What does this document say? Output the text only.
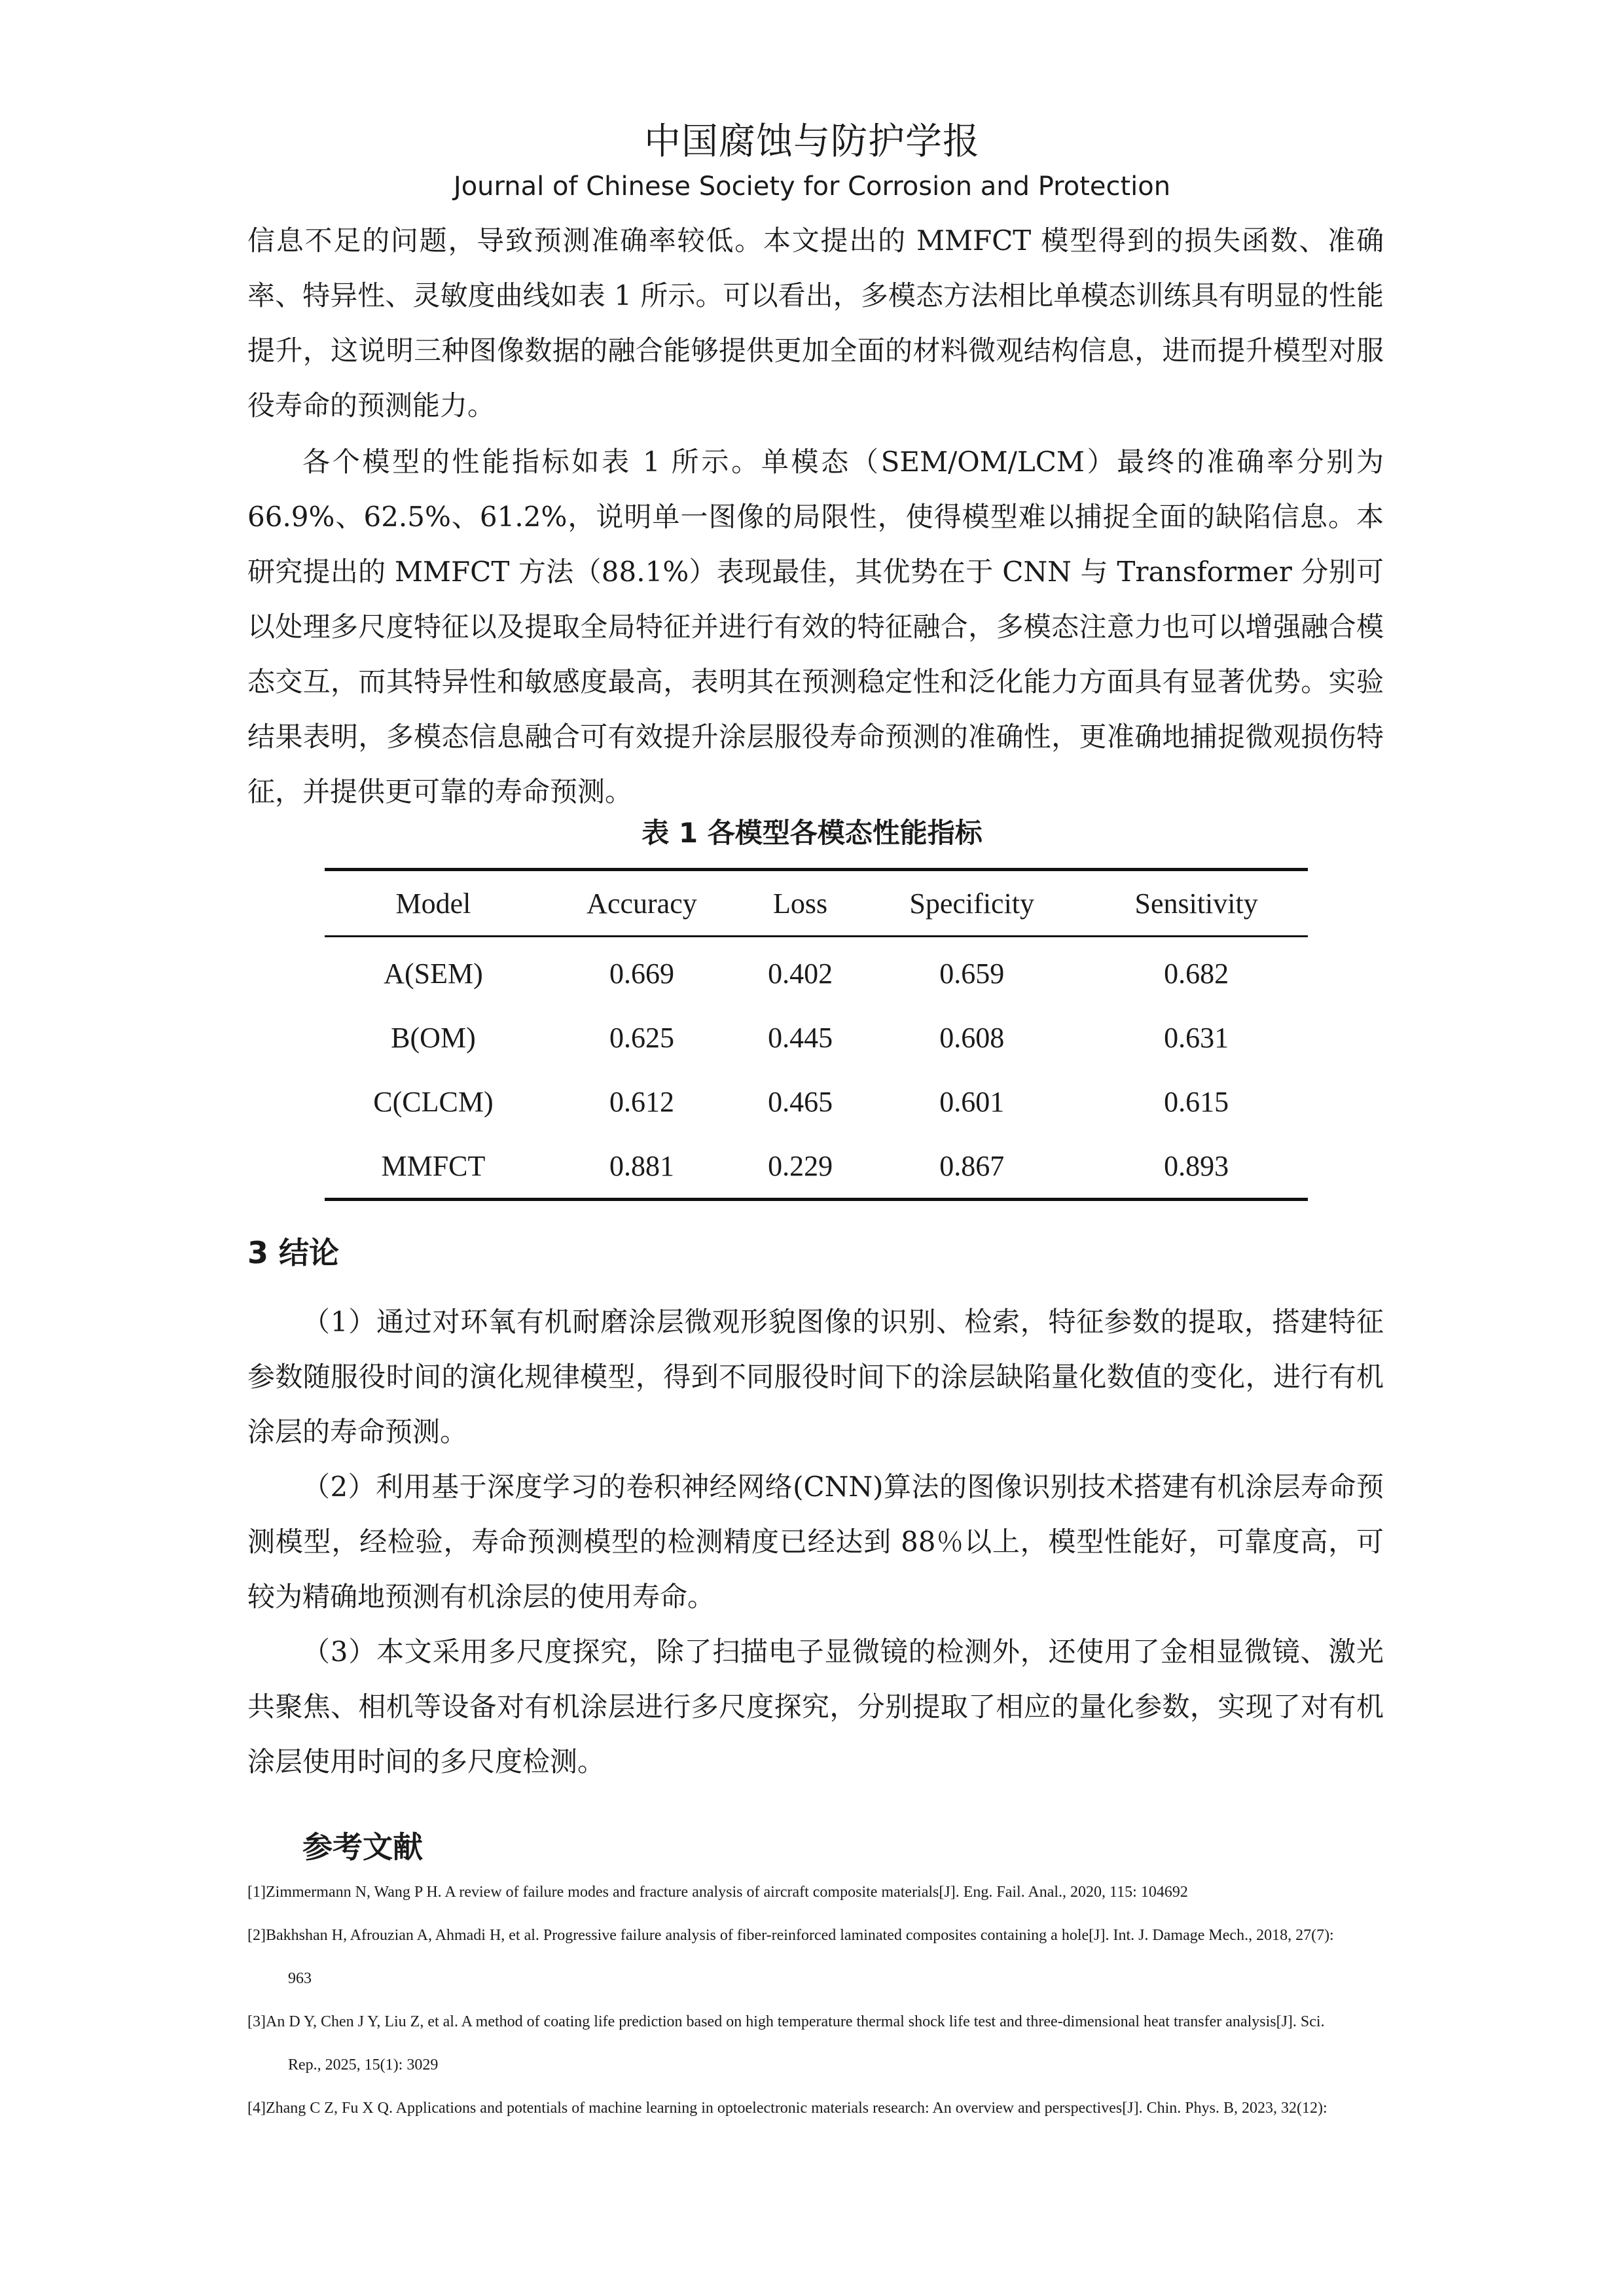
中国腐蚀与防护学报
Journal of Chinese Society for Corrosion and Protection

信息不足的问题，导致预测准确率较低。本文提出的 MMFCT 模型得到的损失函数、准确率、特异性、灵敏度曲线如表 1 所示。可以看出，多模态方法相比单模态训练具有明显的性能提升，这说明三种图像数据的融合能够提供更加全面的材料微观结构信息，进而提升模型对服役寿命的预测能力。

各个模型的性能指标如表 1 所示。单模态（SEM/OM/LCM）最终的准确率分别为 66.9%、62.5%、61.2%，说明单一图像的局限性，使得模型难以捕捉全面的缺陷信息。本研究提出的 MMFCT 方法（88.1%）表现最佳，其优势在于 CNN 与 Transformer 分别可以处理多尺度特征以及提取全局特征并进行有效的特征融合，多模态注意力也可以增强融合模态交互，而其特异性和敏感度最高，表明其在预测稳定性和泛化能力方面具有显著优势。实验结果表明，多模态信息融合可有效提升涂层服役寿命预测的准确性，更准确地捕捉微观损伤特征，并提供更可靠的寿命预测。

表 1 各模型各模态性能指标
Model	Accuracy	Loss	Specificity	Sensitivity
A(SEM)	0.669	0.402	0.659	0.682
B(OM)	0.625	0.445	0.608	0.631
C(CLCM)	0.612	0.465	0.601	0.615
MMFCT	0.881	0.229	0.867	0.893
3 结论

（1）通过对环氧有机耐磨涂层微观形貌图像的识别、检索，特征参数的提取，搭建特征参数随服役时间的演化规律模型，得到不同服役时间下的涂层缺陷量化数值的变化，进行有机涂层的寿命预测。

（2）利用基于深度学习的卷积神经网络(CNN)算法的图像识别技术搭建有机涂层寿命预测模型，经检验，寿命预测模型的检测精度已经达到 88％以上，模型性能好，可靠度高，可较为精确地预测有机涂层的使用寿命。

（3）本文采用多尺度探究，除了扫描电子显微镜的检测外，还使用了金相显微镜、激光共聚焦、相机等设备对有机涂层进行多尺度探究，分别提取了相应的量化参数，实现了对有机涂层使用时间的多尺度检测。

参考文献

[1]Zimmermann N, Wang P H. A review of failure modes and fracture analysis of aircraft composite materials[J]. Eng. Fail. Anal., 2020, 115: 104692

[2]Bakhshan H, Afrouzian A, Ahmadi H, et al. Progressive failure analysis of fiber-reinforced laminated composites containing a hole[J]. Int. J. Damage Mech., 2018, 27(7):
963

[3]An D Y, Chen J Y, Liu Z, et al. A method of coating life prediction based on high temperature thermal shock life test and three-dimensional heat transfer analysis[J]. Sci.
Rep., 2025, 15(1): 3029

[4]Zhang C Z, Fu X Q. Applications and potentials of machine learning in optoelectronic materials research: An overview and perspectives[J]. Chin. Phys. B, 2023, 32(12):
